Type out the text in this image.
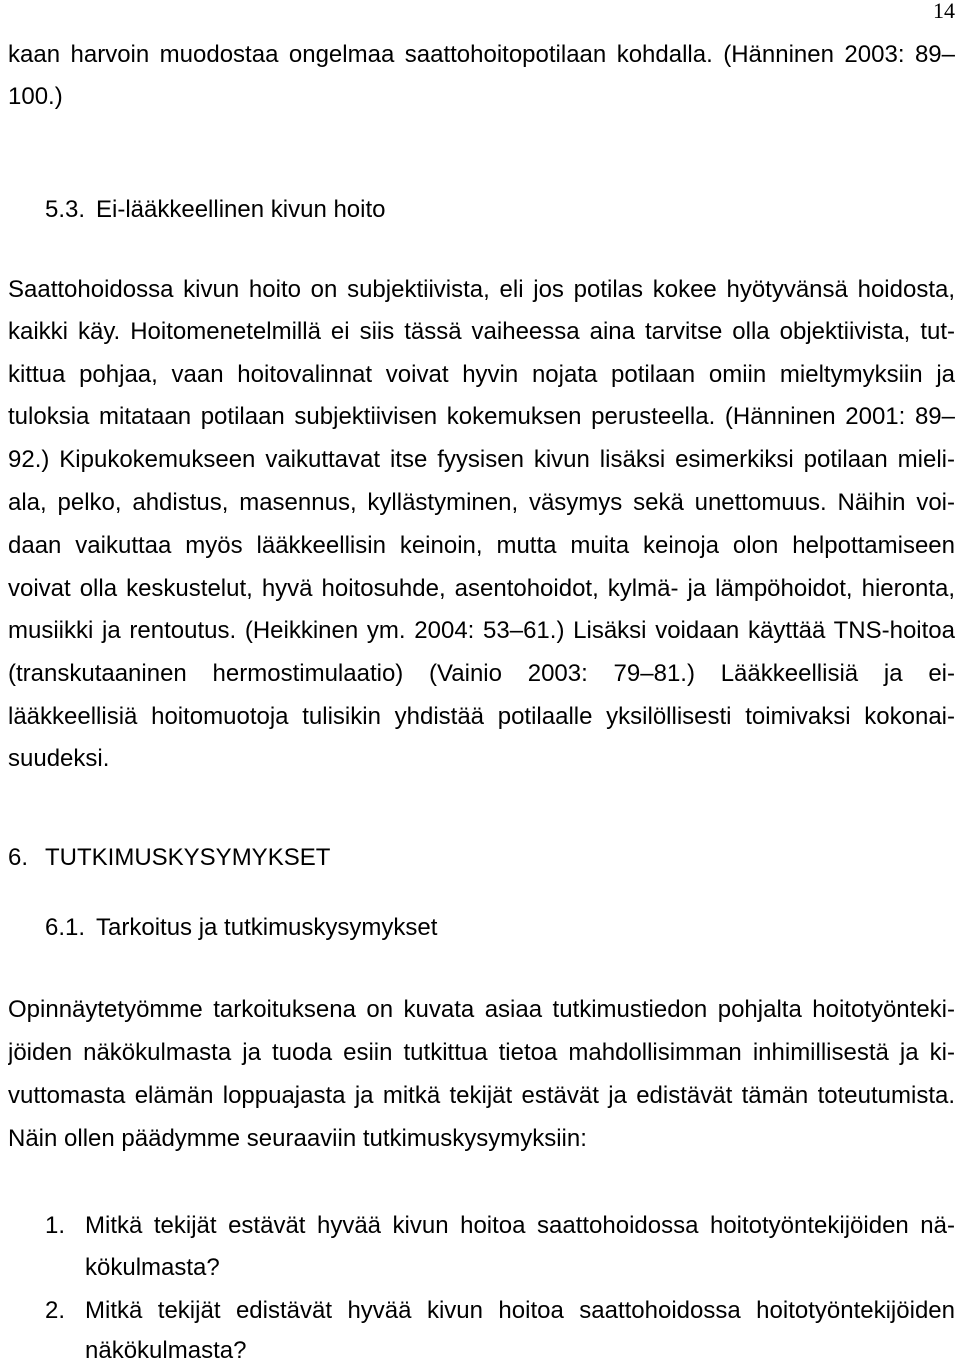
14
kaan harvoin muodostaa ongelmaa saattohoitopotilaan kohdalla. (Hänninen 2003: 89–
100.)
5.3. Ei-lääkkeellinen kivun hoito
Saattohoidossa kivun hoito on subjektiivista, eli jos potilas kokee hyötyvänsä hoidosta,
kaikki käy. Hoitomenetelmillä ei siis tässä vaiheessa aina tarvitse olla objektiivista, tut-
kittua pohjaa, vaan hoitovalinnat voivat hyvin nojata potilaan omiin mieltymyksiin ja
tuloksia mitataan potilaan subjektiivisen kokemuksen perusteella. (Hänninen 2001: 89–
92.) Kipukokemukseen vaikuttavat itse fyysisen kivun lisäksi esimerkiksi potilaan mieli-
ala, pelko, ahdistus, masennus, kyllästyminen, väsymys sekä unettomuus. Näihin voi-
daan vaikuttaa myös lääkkeellisin keinoin, mutta muita keinoja olon helpottamiseen
voivat olla keskustelut, hyvä hoitosuhde, asentohoidot, kylmä- ja lämpöhoidot, hieronta,
musiikki ja rentoutus. (Heikkinen ym. 2004: 53–61.) Lisäksi voidaan käyttää TNS-hoitoa
(transkutaaninen hermostimulaatio) (Vainio 2003: 79–81.) Lääkkeellisiä ja ei-
lääkkeellisiä hoitomuotoja tulisikin yhdistää potilaalle yksilöllisesti toimivaksi kokonai-
suudeksi.
6. TUTKIMUSKYSYMYKSET
6.1. Tarkoitus ja tutkimuskysymykset
Opinnäytetyömme tarkoituksena on kuvata asiaa tutkimustiedon pohjalta hoitotyönteki-
jöiden näkökulmasta ja tuoda esiin tutkittua tietoa mahdollisimman inhimillisestä ja ki-
vuttomasta elämän loppuajasta ja mitkä tekijät estävät ja edistävät tämän toteutumista.
Näin ollen päädymme seuraaviin tutkimuskysymyksiin:
1. Mitkä tekijät estävät hyvää kivun hoitoa saattohoidossa hoitotyöntekijöiden nä-
kökulmasta?
2. Mitkä tekijät edistävät hyvää kivun hoitoa saattohoidossa hoitotyöntekijöiden
näkökulmasta?
